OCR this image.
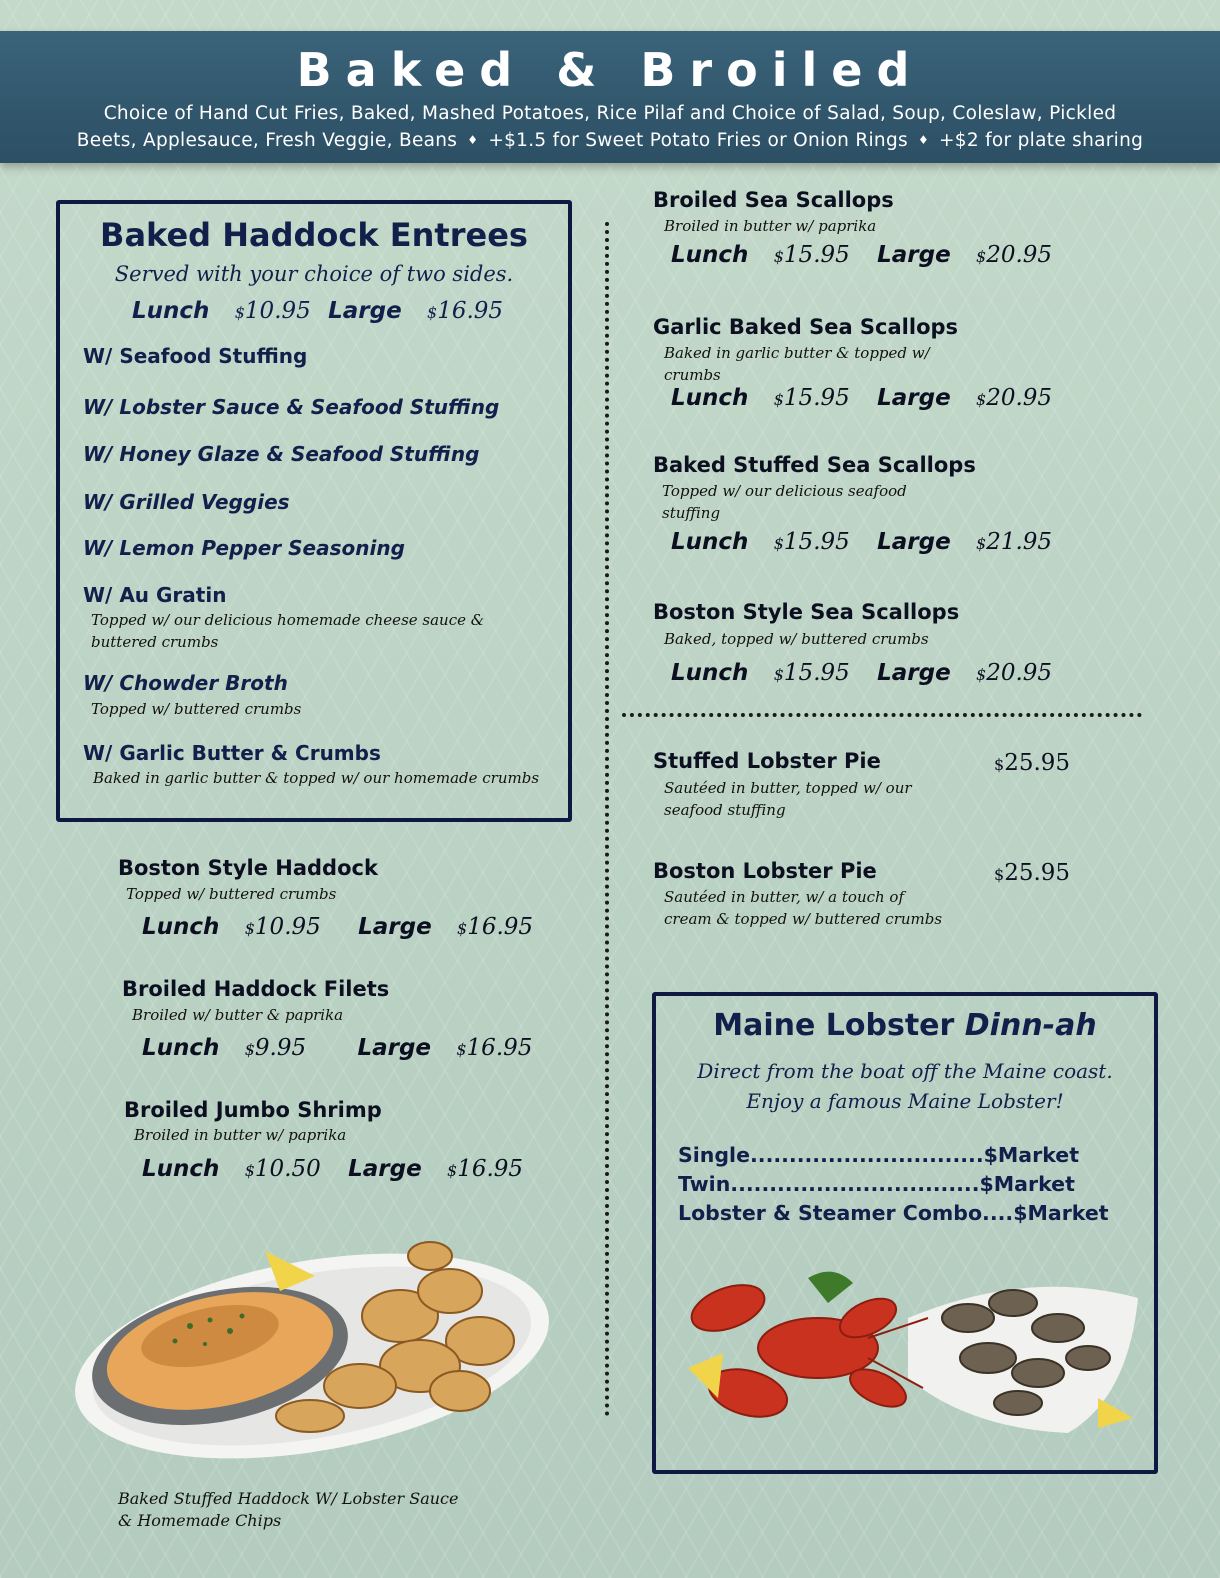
Baked & Broiled
Choice of Hand Cut Fries, Baked, Mashed Potatoes, Rice Pilaf and Choice of Salad, Soup, Coleslaw, Pickled
Beets, Applesauce, Fresh Veggie, Beans ♦ +$1.5 for Sweet Potato Fries or Onion Rings ♦ +$2 for plate sharing
Baked Haddock Entrees
Served with your choice of two sides.
Lunch $10.95 Large $16.95
W/ Seafood Stuffing
W/ Lobster Sauce & Seafood Stuffing
W/ Honey Glaze & Seafood Stuffing
W/ Grilled Veggies
W/ Lemon Pepper Seasoning
W/ Au Gratin
Topped w/ our delicious homemade cheese sauce &
buttered crumbs
W/ Chowder Broth
Topped w/ buttered crumbs
W/ Garlic Butter & Crumbs
Baked in garlic butter & topped w/ our homemade crumbs
Boston Style Haddock
Topped w/ buttered crumbs
Lunch $10.95 Large $16.95
Broiled Haddock Filets
Broiled w/ butter & paprika
Lunch $9.95 Large $16.95
Broiled Jumbo Shrimp
Broiled in butter w/ paprika
Lunch $10.50 Large $16.95
Baked Stuffed Haddock W/ Lobster Sauce
& Homemade Chips
Broiled Sea Scallops
Broiled in butter w/ paprika
Lunch $15.95 Large $20.95
Garlic Baked Sea Scallops
Baked in garlic butter & topped w/
crumbs
Lunch $15.95 Large $20.95
Baked Stuffed Sea Scallops
Topped w/ our delicious seafood
stuffing
Lunch $15.95 Large $21.95
Boston Style Sea Scallops
Baked, topped w/ buttered crumbs
Lunch $15.95 Large $20.95
Stuffed Lobster Pie	$25.95
Sautéed in butter, topped w/ our
seafood stuffing
Boston Lobster Pie	$25.95
Sautéed in butter, w/ a touch of
cream & topped w/ buttered crumbs
Maine Lobster Dinn-ah
Direct from the boat off the Maine coast.
Enjoy a famous Maine Lobster!
Single..............................$Market
Twin................................$Market
Lobster & Steamer Combo....$Market
